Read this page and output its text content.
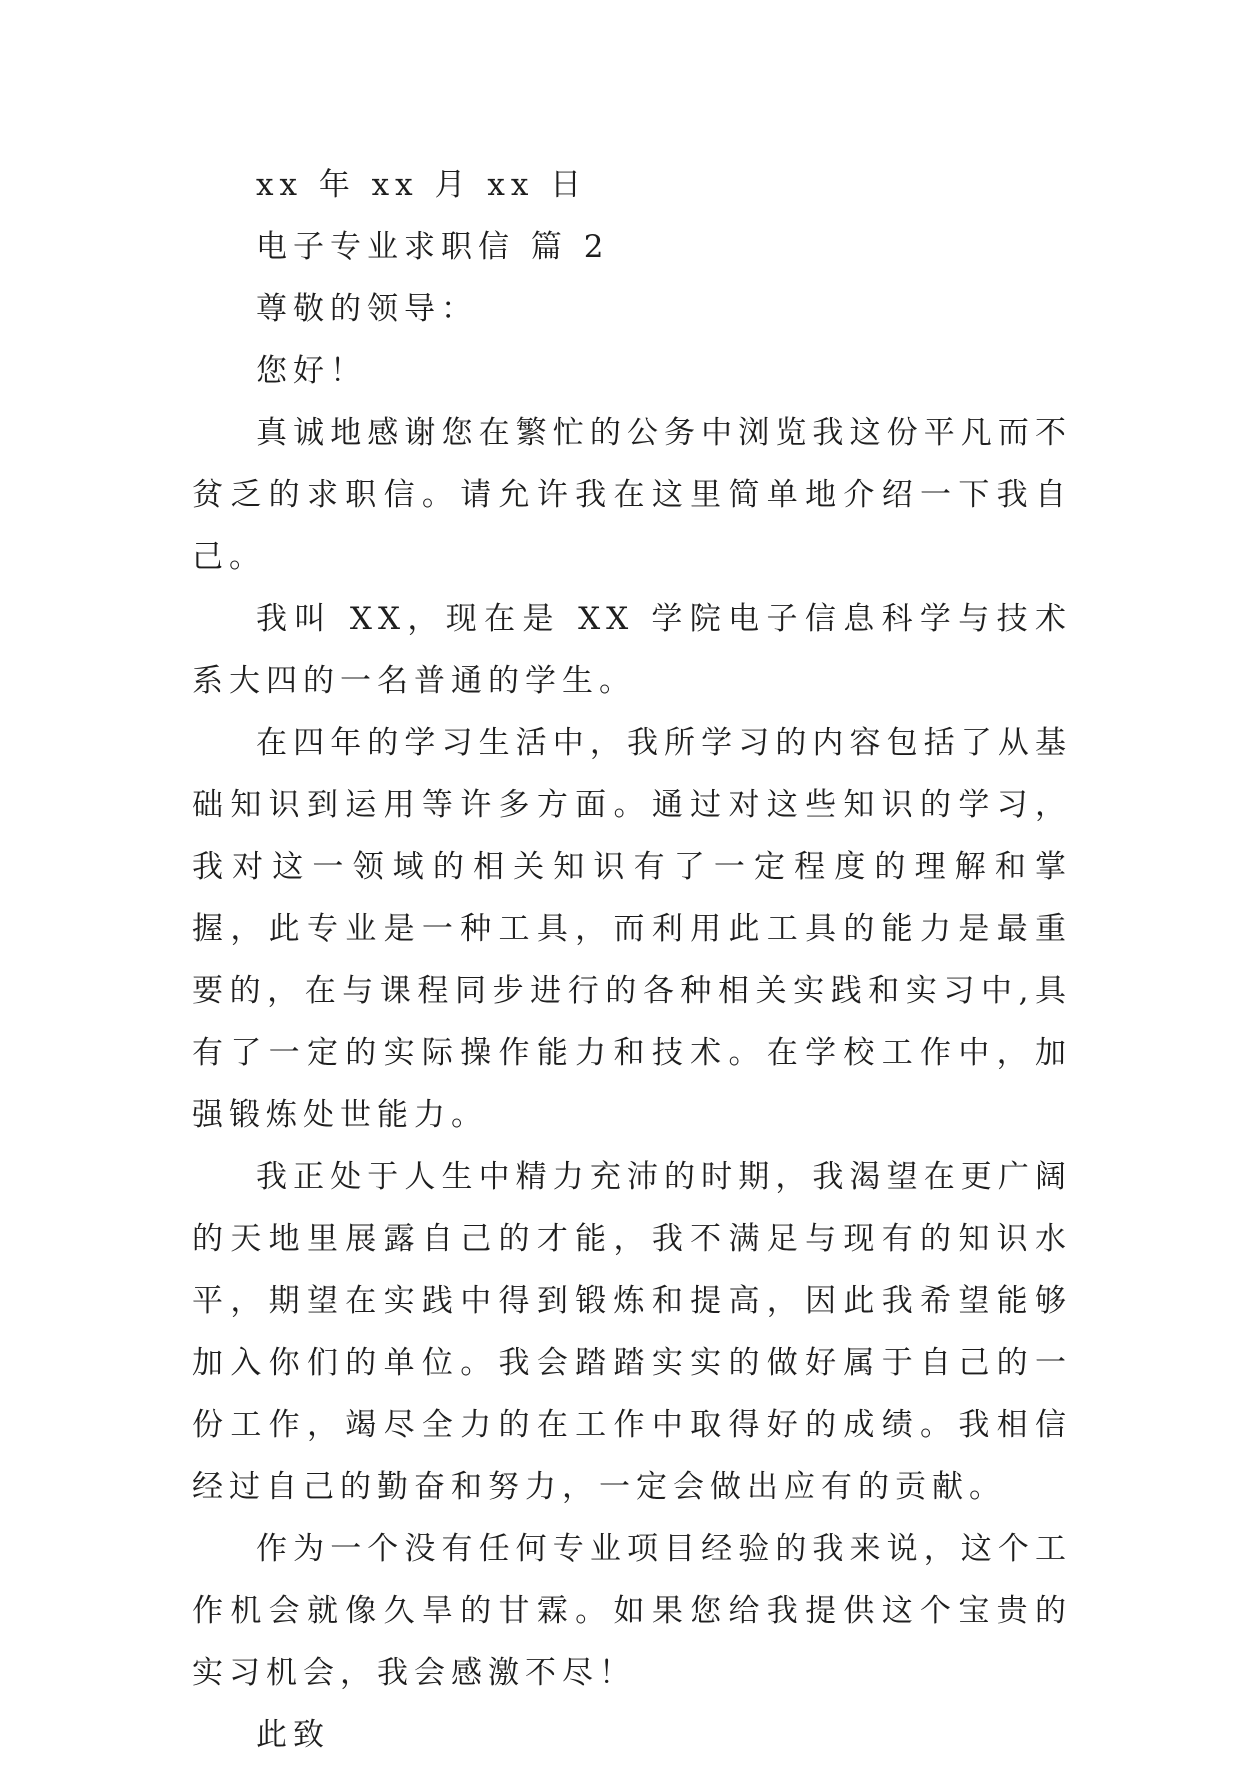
xx 年 xx 月 xx 日

电子专业求职信 篇 2

尊敬的领导：

您好！

真诚地感谢您在繁忙的公务中浏览我这份平凡而不贫乏的求职信。请允许我在这里简单地介绍一下我自己。

我叫 XX，现在是 XX 学院电子信息科学与技术系大四的一名普通的学生。

在四年的学习生活中，我所学习的内容包括了从基础知识到运用等许多方面。通过对这些知识的学习，我对这一领域的相关知识有了一定程度的理解和掌握，此专业是一种工具，而利用此工具的能力是最重要的，在与课程同步进行的各种相关实践和实习中,具有了一定的实际操作能力和技术。在学校工作中，加强锻炼处世能力。

我正处于人生中精力充沛的时期，我渴望在更广阔的天地里展露自己的才能，我不满足与现有的知识水平，期望在实践中得到锻炼和提高，因此我希望能够加入你们的单位。我会踏踏实实的做好属于自己的一份工作，竭尽全力的在工作中取得好的成绩。我相信 经过自己的勤奋和努力，一定会做出应有的贡献。

作为一个没有任何专业项目经验的我来说，这个工作机会就像久旱的甘霖。如果您给我提供这个宝贵的实习机会，我会感激不尽！

此致
